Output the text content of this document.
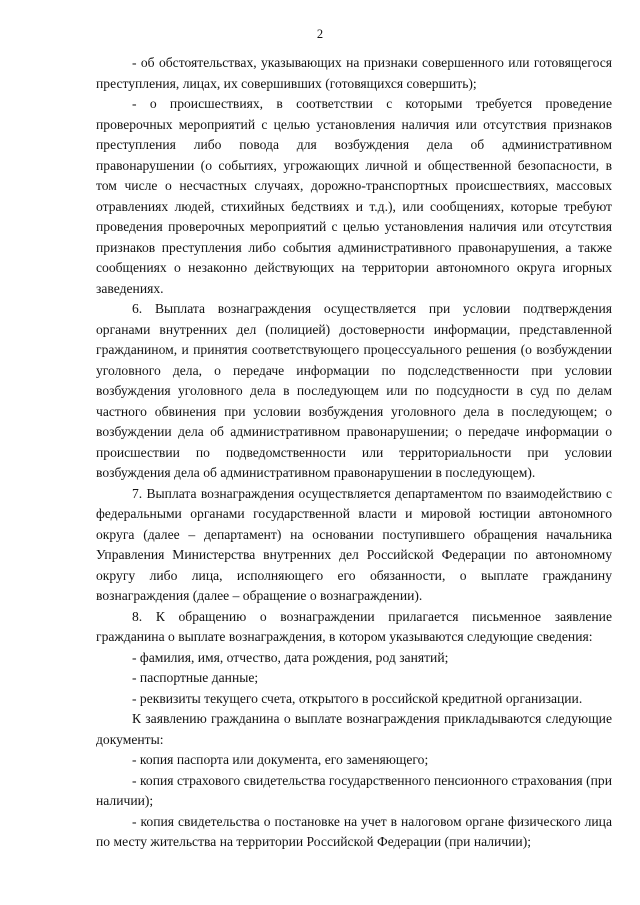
2

- об обстоятельствах, указывающих на признаки совершенного или готовящегося преступления, лицах, их совершивших (готовящихся совершить);

- о происшествиях, в соответствии с которыми требуется проведение проверочных мероприятий с целью установления наличия или отсутствия признаков преступления либо повода для возбуждения дела об административном правонарушении (о событиях, угрожающих личной и общественной безопасности, в том числе о несчастных случаях, дорожно-транспортных происшествиях, массовых отравлениях людей, стихийных бедствиях и т.д.), или сообщениях, которые требуют проведения проверочных мероприятий с целью установления наличия или отсутствия признаков преступления либо события административного правонарушения, а также сообщениях о незаконно действующих на территории автономного округа игорных заведениях.

6. Выплата вознаграждения осуществляется при условии подтверждения органами внутренних дел (полицией) достоверности информации, представленной гражданином, и принятия соответствующего процессуального решения (о возбуждении уголовного дела, о передаче информации по подследственности при условии возбуждения уголовного дела в последующем или по подсудности в суд по делам частного обвинения при условии возбуждения уголовного дела в последующем; о возбуждении дела об административном правонарушении; о передаче информации о происшествии по подведомственности или территориальности при условии возбуждения дела об административном правонарушении в последующем).

7. Выплата вознаграждения осуществляется департаментом по взаимодействию с федеральными органами государственной власти и мировой юстиции автономного округа (далее – департамент) на основании поступившего обращения начальника Управления Министерства внутренних дел Российской Федерации по автономному округу либо лица, исполняющего его обязанности, о выплате гражданину вознаграждения (далее – обращение о вознаграждении).

8. К обращению о вознаграждении прилагается письменное заявление гражданина о выплате вознаграждения, в котором указываются следующие сведения:

- фамилия, имя, отчество, дата рождения, род занятий;

- паспортные данные;

- реквизиты текущего счета, открытого в российской кредитной организации.

К заявлению гражданина о выплате вознаграждения прикладываются следующие документы:

- копия паспорта или документа, его заменяющего;

- копия страхового свидетельства государственного пенсионного страхования (при наличии);

- копия свидетельства о постановке на учет в налоговом органе физического лица по месту жительства на территории Российской Федерации (при наличии);
